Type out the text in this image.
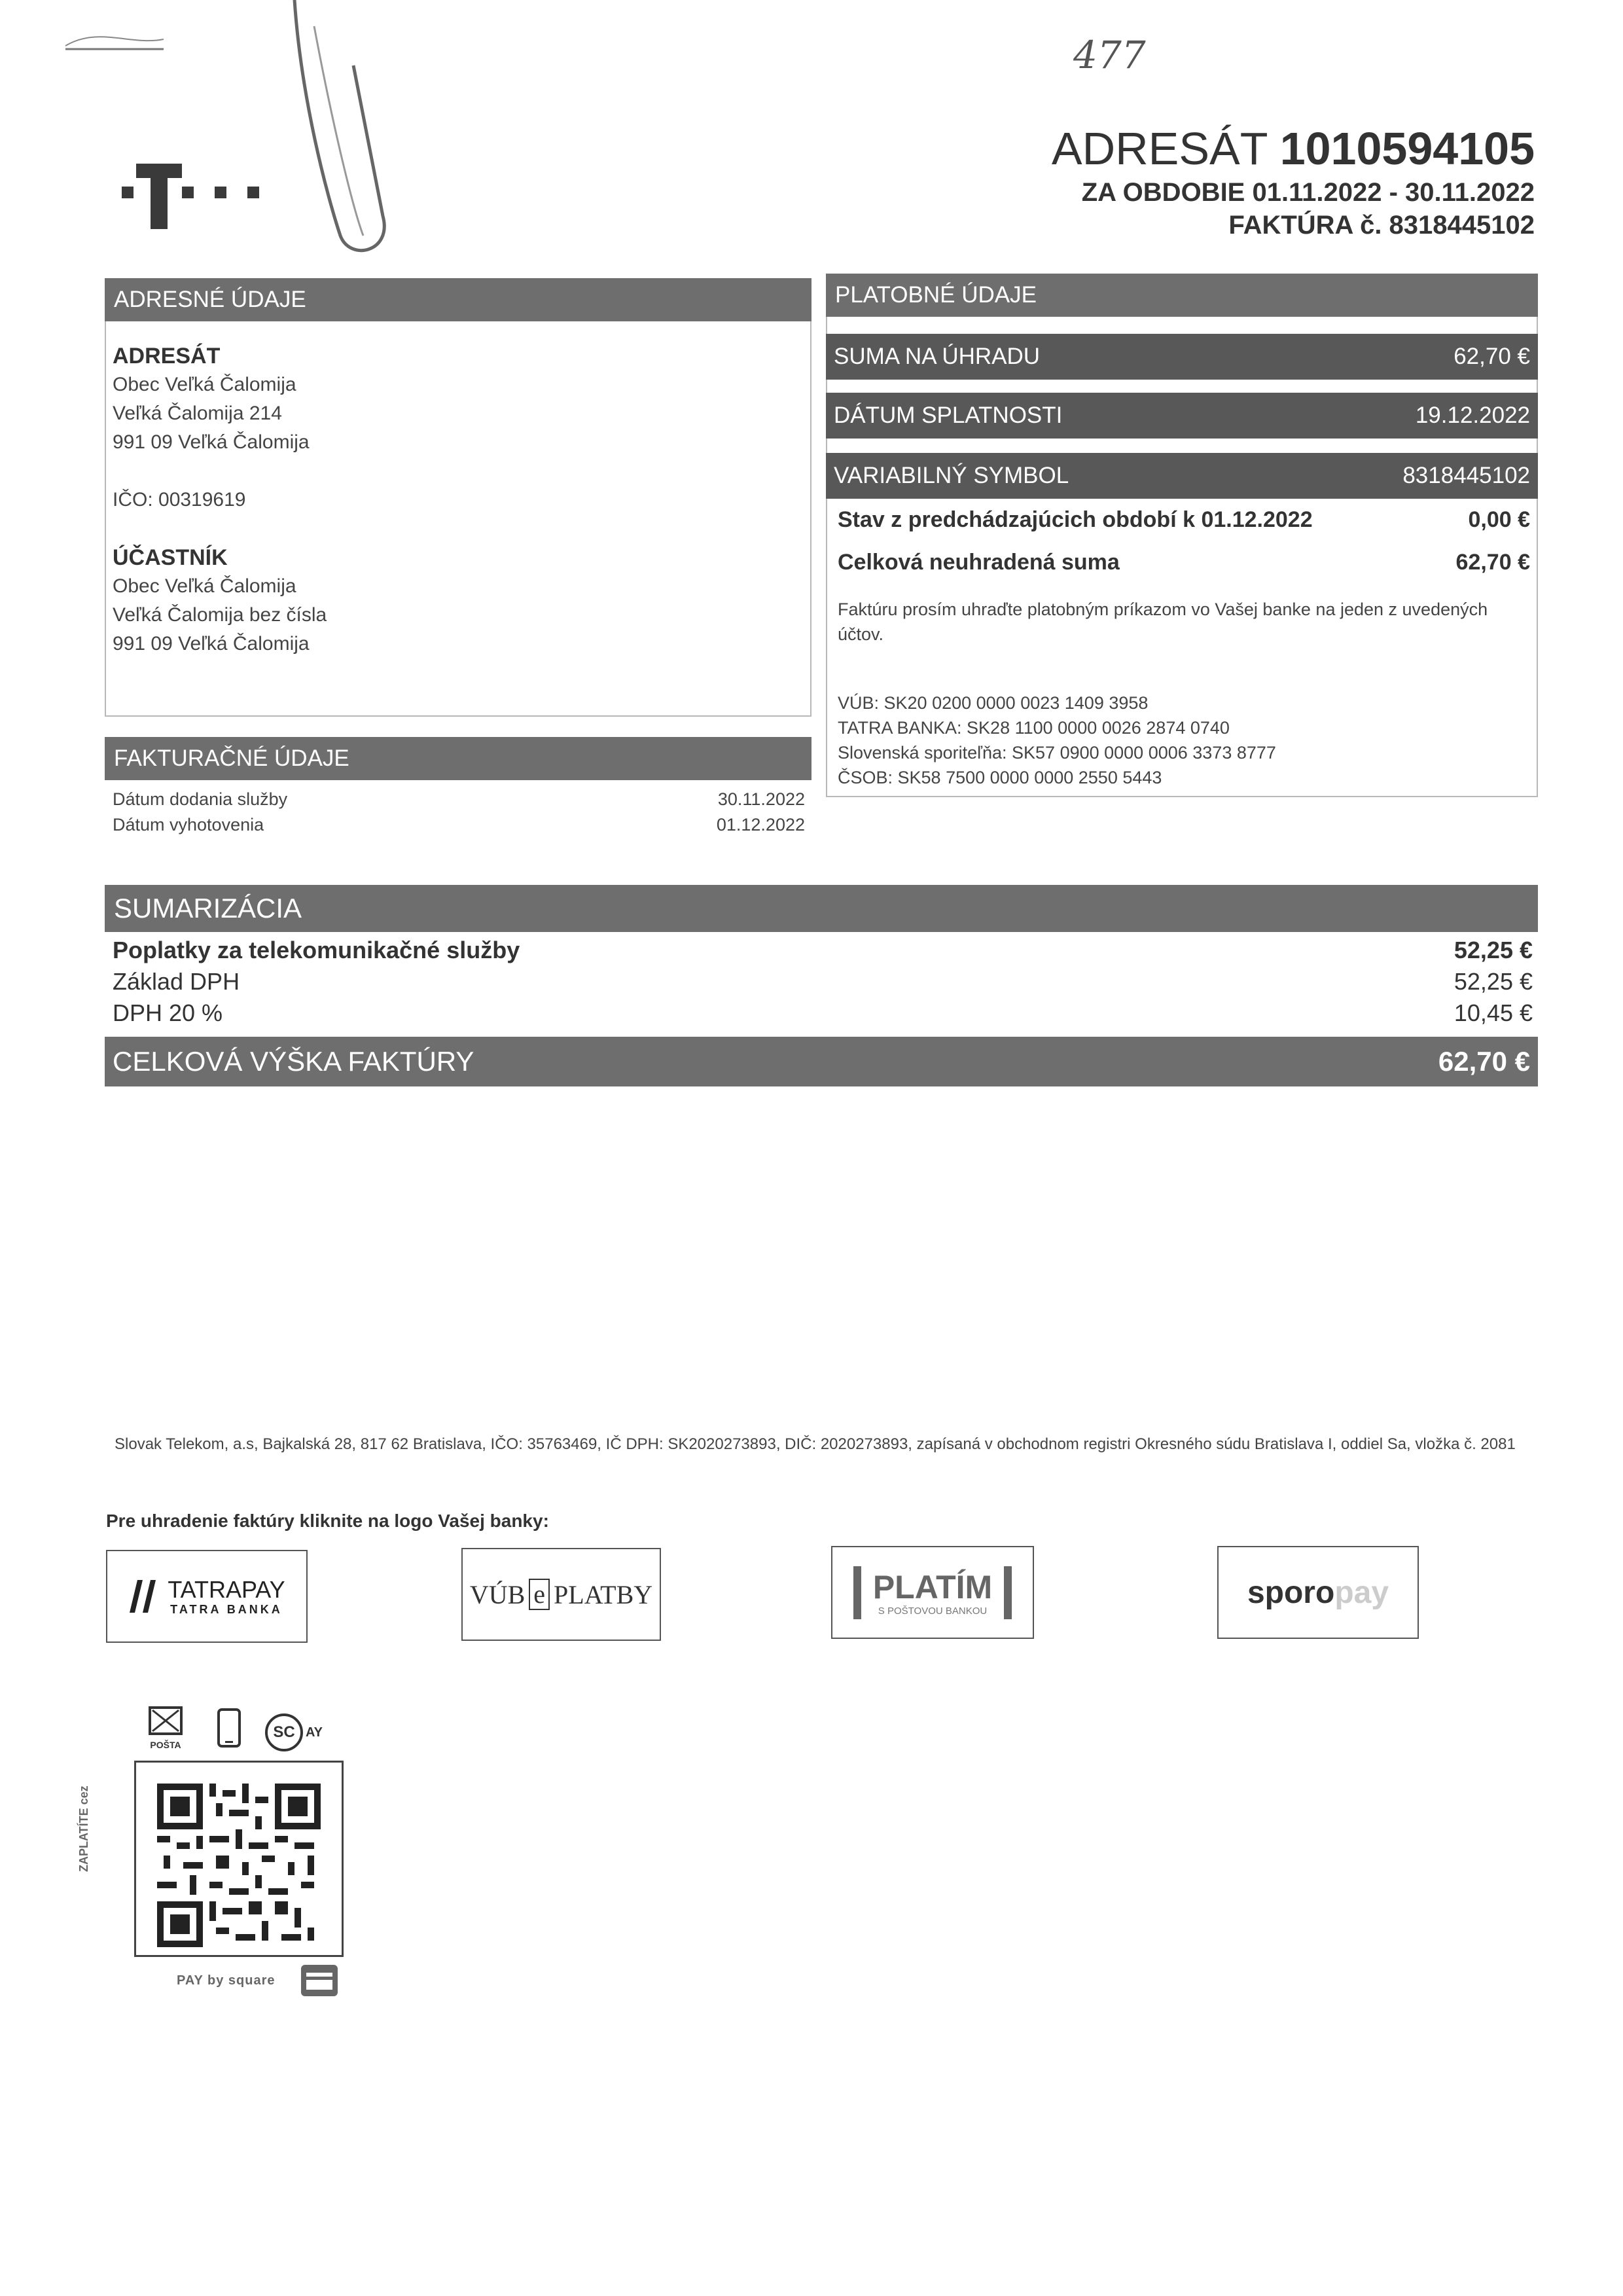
477
ADRESÁT 1010594105
ZA OBDOBIE 01.11.2022 - 30.11.2022
FAKTÚRA č. 8318445102
ADRESNÉ ÚDAJE
ADRESÁT
Obec Veľká Čalomija
Veľká Čalomija 214
991 09 Veľká Čalomija
IČO: 00319619
ÚČASTNÍK
Obec Veľká Čalomija
Veľká Čalomija bez čísla
991 09 Veľká Čalomija
FAKTURAČNÉ ÚDAJE
Dátum dodania služby	30.11.2022
Dátum vyhotovenia	01.12.2022
PLATOBNÉ ÚDAJE
SUMA NA ÚHRADU	62,70 €
DÁTUM SPLATNOSTI	19.12.2022
VARIABILNÝ SYMBOL	8318445102
Stav z predchádzajúcich období k 01.12.2022	0,00 €
Celková neuhradená suma	62,70 €
Faktúru prosím uhraďte platobným príkazom vo Vašej banke na jeden z uvedených účtov.
VÚB: SK20 0200 0000 0023 1409 3958
TATRA BANKA: SK28 1100 0000 0026 2874 0740
Slovenská sporiteľňa: SK57 0900 0000 0006 3373 8777
ČSOB: SK58 7500 0000 0000 2550 5443
SUMARIZÁCIA
Poplatky za telekomunikačné služby	52,25 €
Základ DPH	52,25 €
DPH 20 %	10,45 €
CELKOVÁ VÝŠKA FAKTÚRY	62,70 €
Slovak Telekom, a.s, Bajkalská 28, 817 62 Bratislava, IČO: 35763469, IČ DPH: SK2020273893, DIČ: 2020273893, zapísaná v obchodnom registri Okresného súdu Bratislava I, oddiel Sa, vložka č. 2081
Pre uhradenie faktúry kliknite na logo Vašej banky:
TATRAPAY
TATRA BANKA	VÚB e PLATBY	PLATÍM
S POŠTOVOU BANKOU
sporo pay
POŠTA
SC AY
ZAPLATÍTE cez
PAY by square
